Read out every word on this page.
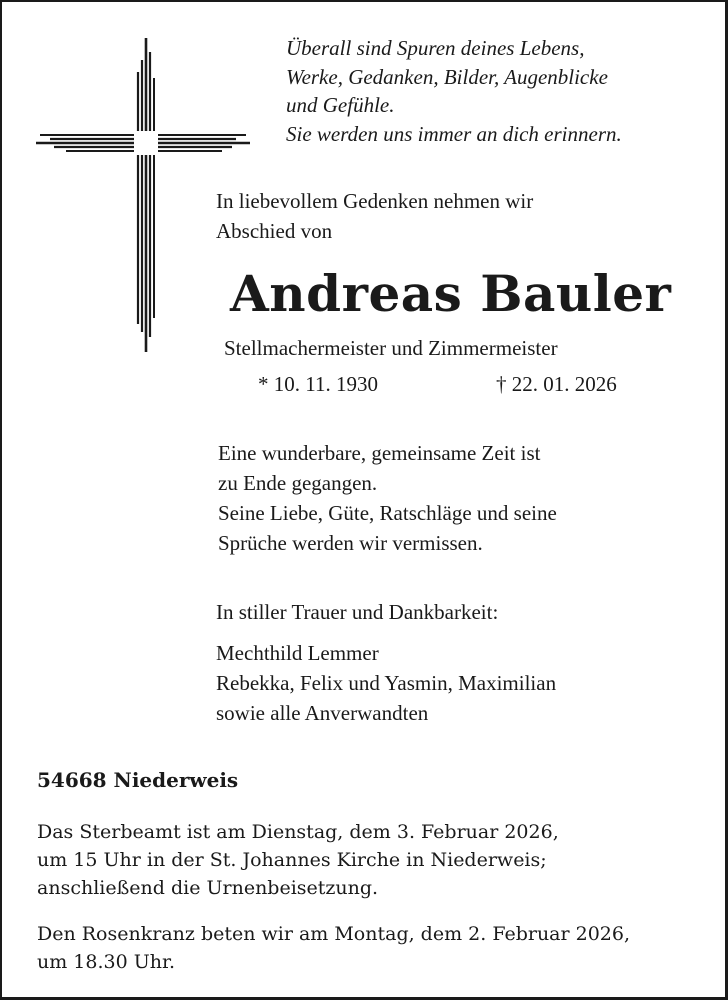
Überall sind Spuren deines Lebens,
Werke, Gedanken, Bilder, Augenblicke
und Gefühle.
Sie werden uns immer an dich erinnern.
In liebevollem Gedenken nehmen wir
Abschied von
Andreas Bauler
Stellmachermeister und Zimmermeister
* 10. 11. 1930	† 22. 01. 2026
Eine wunderbare, gemeinsame Zeit ist
zu Ende gegangen.
Seine Liebe, Güte, Ratschläge und seine
Sprüche werden wir vermissen.
In stiller Trauer und Dankbarkeit:
Mechthild Lemmer
Rebekka, Felix und Yasmin, Maximilian
sowie alle Anverwandten
54668 Niederweis
Das Sterbeamt ist am Dienstag, dem 3. Februar 2026,
um 15 Uhr in der St. Johannes Kirche in Niederweis;
anschließend die Urnenbeisetzung.
Den Rosenkranz beten wir am Montag, dem 2. Februar 2026,
um 18.30 Uhr.
